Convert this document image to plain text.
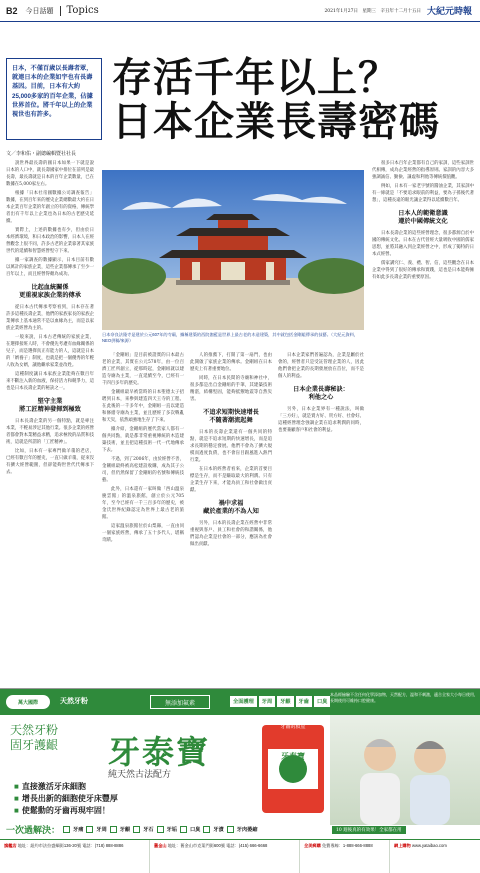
B2 今日話題 Topics	2021年1月27日　星期三　辛丑年十二月十五日 大紀元時報
日本，不僅百歲以長壽者眾，就連日本的企業如宇也有長壽基因。目前，日本有大約25,000多家的百年企業，佔據世界首位。將千年以上的企業視世也有許多。
存活千年以上？
日本企業長壽密碼
文／李和佑・副總編輯暨社社長

說世界最長壽的國日本如果一下就是說日本的人口中，就長壽國家中排位在前列是最長壽，最長壽就是日本的百年企業數量，已在數據在5,000家左右。

根據「日本社帝國數據公司調查報告」數據，在到百年來的歷史企業總數最大約在日本企業百年企業的年創立的有的資格，傳統學者出有千年以上企業也為日本的古老歷史延續。

實際上，上述的數據也有少，但由於日本經濟環境，和日本政治的影響，日本人在經營觀念上很不同，許多古老的企業靠著其家族世代的延續和智慧經營堅守下來。

據一家調查的數據顯示，日本目前有數以萬計的家族企業，這些企業都傳承了至少一百年以上，而且經營得頗為成功。

比起血統關係
更重視家族企業的傳承

從日本古代傳承考察看到，日本存在著許多這種長壽企業，他們的家族家長的家族企業傳承上基本通常不是以血緣為主，而是以家族企業經營為主的。

一般來說，日本古老傳統的家族企業，在選擇接班人時，不會優先考慮有血緣關係的兒子，而是選擇真正有能力的人，這就是日本的「婿養子」制度，也就是把一個優秀的年輕人收為女婿，讓他繼承家業並改姓。

這種制度讓日本家族企業能夠在數百年來不斷注入新的血液，保持活力和競爭力，這也是日本長壽企業的秘訣之一。

堅守主業
將工匠精神發揮到極致

日本長壽企業的另一個特點，就是專注本業，不輕易涉足其他行業。很多企業的經營者都會對本業精益求精，追求極致的品質和技術，這就是所謂的「工匠精神」。

比如，日本有一家專門做羊羹的老店，已經有數百年的歷史，一直只做羊羹，從來沒有擴大經營範圍，但卻能夠世世代代傳承下去。

「金剛組」是目前被證實的日本最古老的企業，其實在公元578年，由一位百濟工匠所創立，從那時起，金剛組就以建造寺廟為主業，一直延續至今，已經有一千四百多年的歷史。

金剛組最早被當時的日本聖德太子招聘到日本，來參與建造四天王寺的工程。在此後的一千多年中，金剛組一直以建造和修繕寺廟為主業，並且歷經了多次戰亂和天災，依然頑強地生存了下來。

據介紹，金剛組的歷代當家人都有一個共同點，就是都非常重視傳統的木造建築技術，並且把這種技術一代一代地傳承下去。

不過，到了2006年，由於經營不善，金剛組最終被高松建設收購，成為其子公司，但仍然保留了金剛組的名號和傳統技藝。

此外，日本還有一家叫做「西山溫泉慶雲館」的溫泉旅館，創立於公元705年，至今已經有一千三百多年的歷史，被金氏世界紀錄認定為世界上最古老的旅館。

這家溫泉旅館位於山梨縣，一直由同一個家族經營，傳承了五十多代人，堪稱奇蹟。

人的推薦下，打開了第一扇門，也由此開啟了家族企業的傳承。金剛組在日本歷史上有著重要地位。

同時，在日本民間的寺廟和神社中，很多都是出自金剛組的手筆，其建築技術精湛，結構堅固，能夠抵禦地震等自然災害。

不追求短期快速增長
不隨著潮流起舞

日本的長壽企業還有一個共同的特點，就是不追求短期的快速增長，而是追求長期的穩定發展。他們不會為了擴大規模而過度負債，也不會盲目跟風進入熱門行業。

在日本的經營者看來，企業的首要目標是生存，而不是賺取最大的利潤。只有企業生存下來，才能為員工和社會做出貢獻。

禍中求福
藏於產業的不為人知

另外，日本的長壽企業在經營中非常重視與客戶、員工和社會的和諧關係，他們認為企業是社會的一部分，應該為社會做出貢獻。

日本企業家們普遍認為，企業是屬於社會的，經營者只是受託管理企業的人，因此他們會把企業的長期發展放在首位，而不是個人的利益。

日本企業長壽秘訣：
利他之心

另外，日本企業界有一種說法，叫做「三方好」，就是賣方好、買方好、社會好。這種經營理念強調企業在追求利潤的同時，也要兼顧客戶和社會的利益。

很多日本百年企業都有自己的家訓，這些家訓世代相傳，成為企業經營的指導原則。家訓的內容大多強調誠信、勤儉、謙虛和利他等傳統價值觀。

例如，日本有一家老字號的醬油企業，其家訓中有一條就是「不要追求眼前的利益，要為子孫後代著想」，這種長遠的眼光讓企業得以延續數百年。

日本人的範衛意識
遵於中國傳統文化

日本長壽企業的這些經營理念，很多都源自於中國的傳統文化。日本在古代曾經大量吸收中國的儒家思想，並將其融入到企業經營之中，形成了獨特的日本式經營。

儒家講究仁、義、禮、智、信，這些觀念在日本企業中得到了很好的傳承和實踐，這也是日本能夠擁有如此多長壽企業的重要原因。

日本奈良法隆寺是建於公元607年的寺廟，據稱建築的西院伽藍是世界上最古老的木造建築，其中就包括金剛組傳承的技藝。（大紀元資料，NEO供稿/來源）
萬大國際	天然牙粉	無添加氟素	全面護理	牙周	牙齦	牙齒	口臭
本品經檢驗不含任何化學添加物，天然配方，溫和不刺激，適合全家大小每日使用，長期使用可維持口腔健康。
天然牙粉
固牙護齦 牙泰寶
純天然古法配方
■ 直接激活牙床細胞
■ 增長出新的細胞使牙床豐厚
■ 使鬆動的牙齒再現牢固！
牙泰寶
牙齒的救星
10 週後真的有效果！全家都在用
一次過解決：	牙痛	牙周	牙齦	牙石	牙垢	口臭	牙漬	牙肉萎縮
旗艦店 地址：紐約市法拉盛緬街136-20號 電話：(718) 888-8886	舊金山 地址：舊金山市克萊門街600號 電話：(415) 666-6668	全美郵購 免費專線：1-888-666-8888	網上購物 www.yataibao.com
